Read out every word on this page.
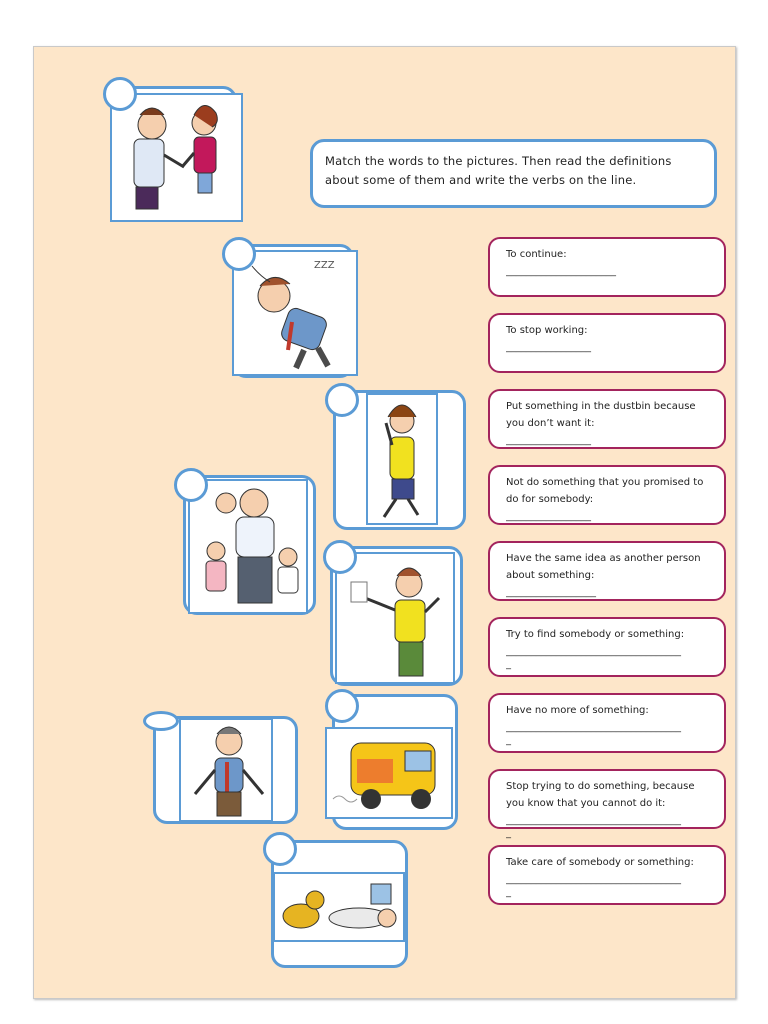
Match the words to the pictures. Then read the definitions about some of them and write the verbs on the line.
To continue:
______________________
To stop working:
_________________
Put something in the dustbin because you don’t want it:
_________________
Not do something that you promised to do for somebody:
_________________
Have the same idea as another person about something:
__________________
Try to find somebody or something:
___________________________________
_
Have no more of something:
___________________________________
_
Stop trying to do something, because you know that you cannot do it:
___________________________________
_
Take care of somebody or something:
___________________________________
_
ZZZ
